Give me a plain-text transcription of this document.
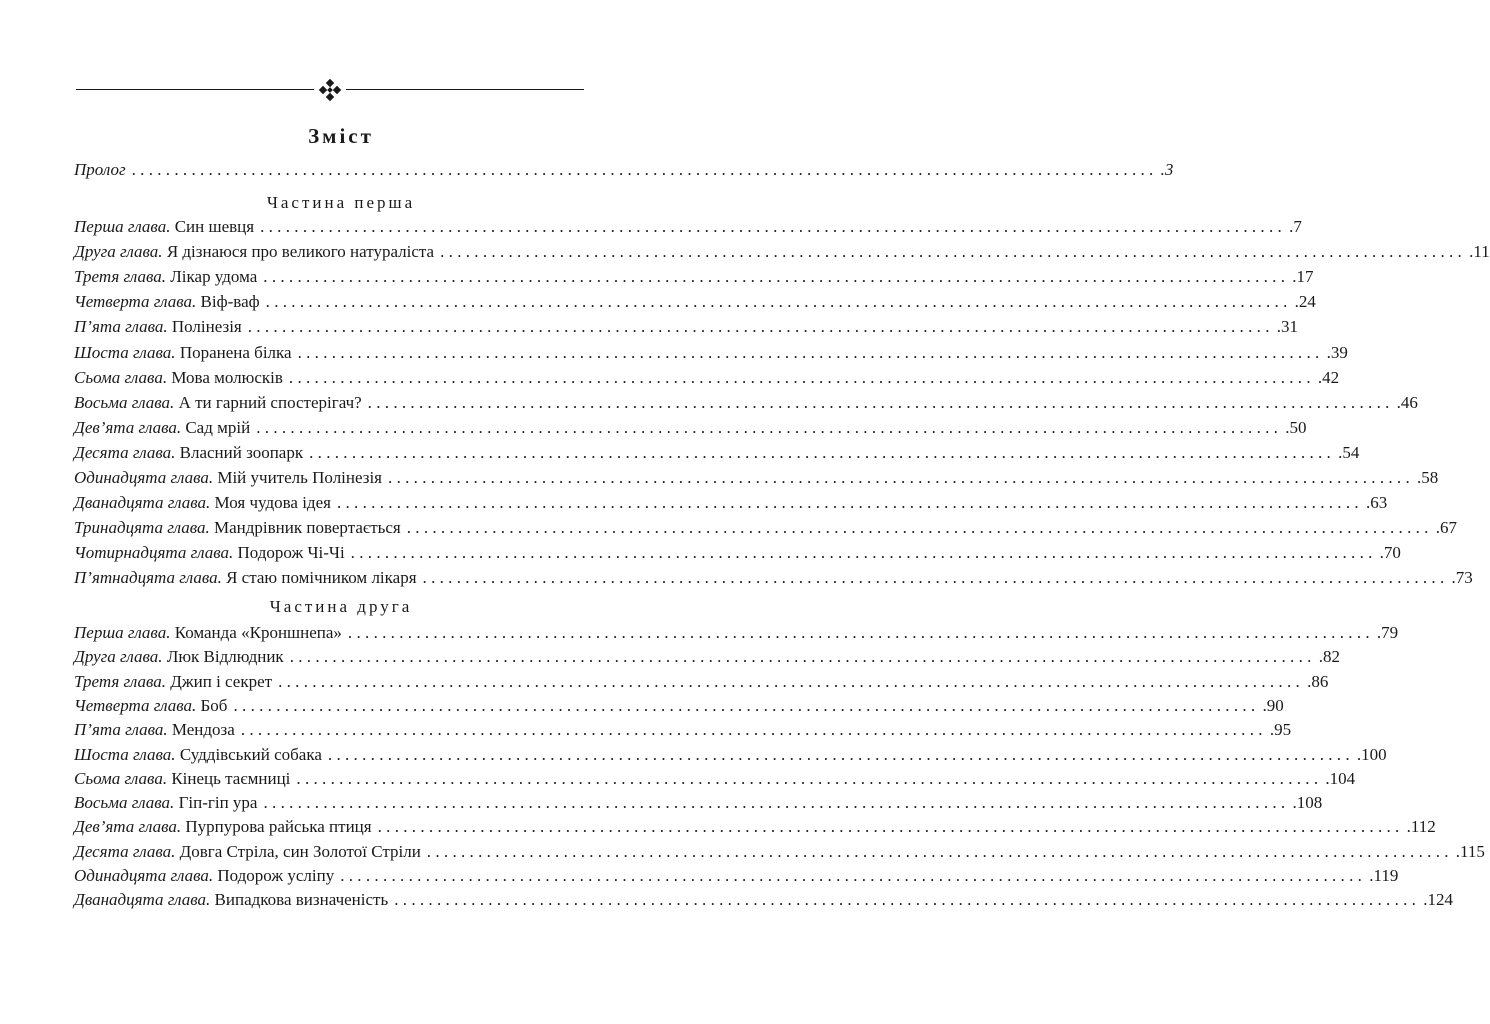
Зміст
Пролог ........................................................................................................................ .3
Частина перша
Перша глава.
Син шевця ........................................................................................................................ .7
Друга глава.
Я дізнаюся про великого натураліста ........................................................................................................................ .11
Третя глава.
Лікар удома ........................................................................................................................ .17
Четверта глава.
Віф-ваф ........................................................................................................................ .24
П’ята глава.
Полінезія ........................................................................................................................ .31
Шоста глава.
Поранена білка ........................................................................................................................ .39
Сьома глава.
Мова молюсків ........................................................................................................................ .42
Восьма глава.
А ти гарний спостерігач? ........................................................................................................................ .46
Дев’ята глава.
Сад мрій ........................................................................................................................ .50
Десята глава.
Власний зоопарк ........................................................................................................................ .54
Одинадцята глава.
Мій учитель Полінезія ........................................................................................................................ .58
Дванадцята глава.
Моя чудова ідея ........................................................................................................................ .63
Тринадцята глава.
Мандрівник повертається ........................................................................................................................ .67
Чотирнадцята глава.
Подорож Чі-Чі ........................................................................................................................ .70
П’ятнадцята глава.
Я стаю помічником лікаря ........................................................................................................................ .73
Частина друга
Перша глава.
Команда «Кроншнепа» ........................................................................................................................ .79
Друга глава.
Люк Відлюдник ........................................................................................................................ .82
Третя глава.
Джип і секрет ........................................................................................................................ .86
Четверта глава.
Боб ........................................................................................................................ .90
П’ята глава.
Мендоза ........................................................................................................................ .95
Шоста глава.
Суддівський собака ........................................................................................................................ .100
Сьома глава.
Кінець таємниці ........................................................................................................................ .104
Восьма глава.
Гіп-гіп ура ........................................................................................................................ .108
Дев’ята глава.
Пурпурова райська птиця ........................................................................................................................ .112
Десята глава.
Довга Стріла, син Золотої Стріли ........................................................................................................................ .115
Одинадцята глава.
Подорож усліпу ........................................................................................................................ .119
Дванадцята глава.
Випадкова визначеність ........................................................................................................................ .124
